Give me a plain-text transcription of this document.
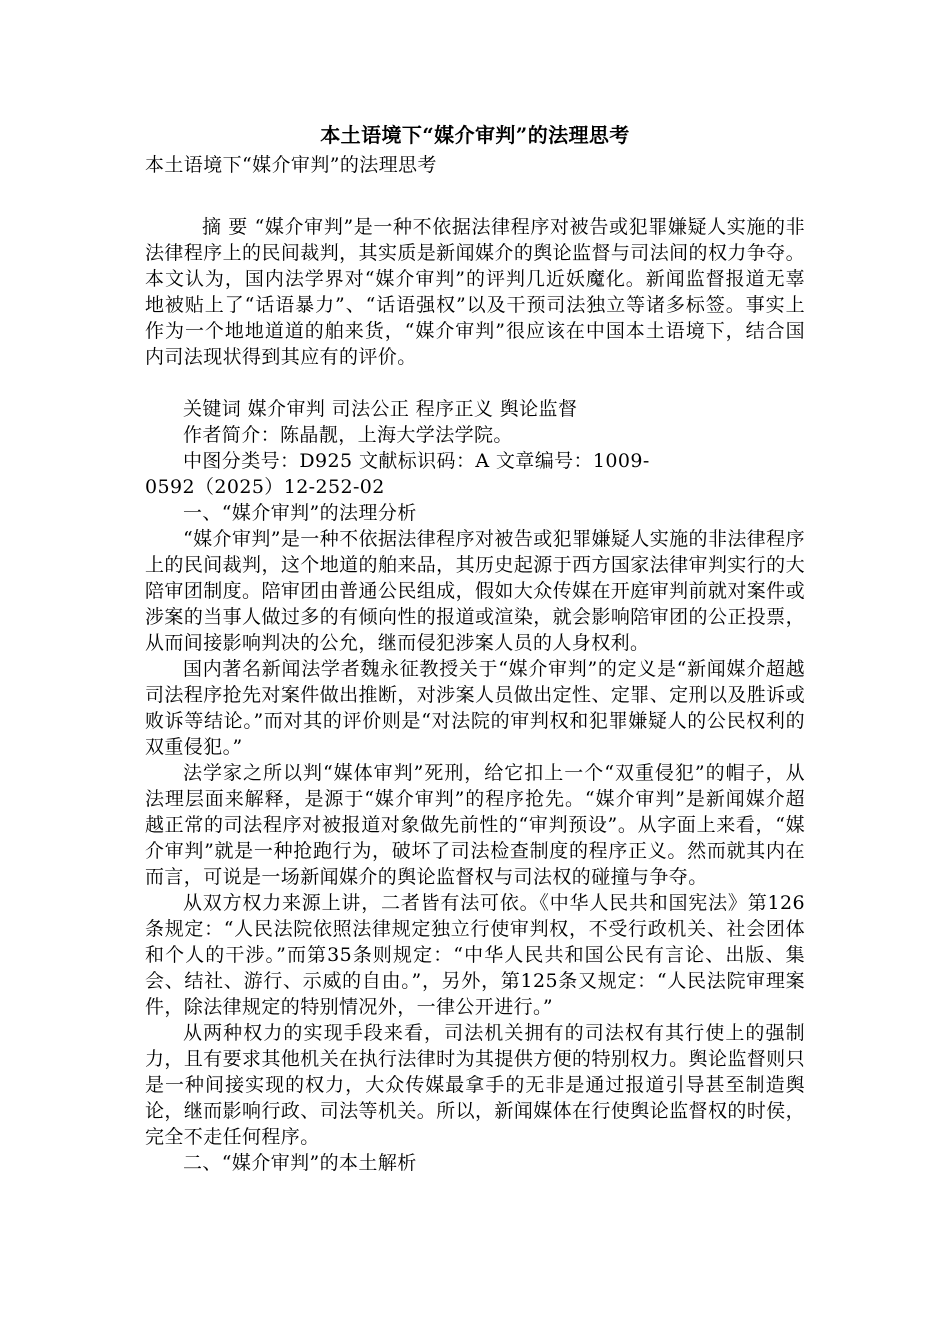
本土语境下“媒介审判”的法理思考

本土语境下“媒介审判”的法理思考

摘 要 “媒介审判”是一种不依据法律程序对被告或犯罪嫌疑人实施的非法律程序上的民间裁判，其实质是新闻媒介的舆论监督与司法间的权力争夺。本文认为，国内法学界对“媒介审判”的评判几近妖魔化。新闻监督报道无辜地被贴上了“话语暴力”、“话语强权”以及干预司法独立等诸多标签。事实上作为一个地地道道的舶来货，“媒介审判”很应该在中国本土语境下，结合国内司法现状得到其应有的评价。

关键词 媒介审判 司法公正 程序正义 舆论监督

作者简介：陈晶靓，上海大学法学院。

中图分类号：D925 文献标识码：A 文章编号：1009-
0592（2025）12-252-02

一、“媒介审判”的法理分析

“媒介审判”是一种不依据法律程序对被告或犯罪嫌疑人实施的非法律程序上的民间裁判，这个地道的舶来品，其历史起源于西方国家法律审判实行的大陪审团制度。陪审团由普通公民组成，假如大众传媒在开庭审判前就对案件或涉案的当事人做过多的有倾向性的报道或渲染，就会影响陪审团的公正投票，从而间接影响判决的公允，继而侵犯涉案人员的人身权利。

国内著名新闻法学者魏永征教授关于“媒介审判”的定义是“新闻媒介超越司法程序抢先对案件做出推断，对涉案人员做出定性、定罪、定刑以及胜诉或败诉等结论。”而对其的评价则是“对法院的审判权和犯罪嫌疑人的公民权利的双重侵犯。”

法学家之所以判“媒体审判”死刑，给它扣上一个“双重侵犯”的帽子，从法理层面来解释，是源于“媒介审判”的程序抢先。“媒介审判”是新闻媒介超越正常的司法程序对被报道对象做先前性的“审判预设”。从字面上来看，“媒介审判”就是一种抢跑行为，破坏了司法检查制度的程序正义。然而就其内在而言，可说是一场新闻媒介的舆论监督权与司法权的碰撞与争夺。

从双方权力来源上讲，二者皆有法可依。《中华人民共和国宪法》第126条规定：“人民法院依照法律规定独立行使审判权，不受行政机关、社会团体和个人的干涉。”而第35条则规定：“中华人民共和国公民有言论、出版、集会、结社、游行、示威的自由。”，另外，第125条又规定：“人民法院审理案件，除法律规定的特别情况外，一律公开进行。”

从两种权力的实现手段来看，司法机关拥有的司法权有其行使上的强制力，且有要求其他机关在执行法律时为其提供方便的特别权力。舆论监督则只是一种间接实现的权力，大众传媒最拿手的无非是通过报道引导甚至制造舆论，继而影响行政、司法等机关。所以，新闻媒体在行使舆论监督权的时侯，完全不走任何程序。

二、“媒介审判”的本土解析
